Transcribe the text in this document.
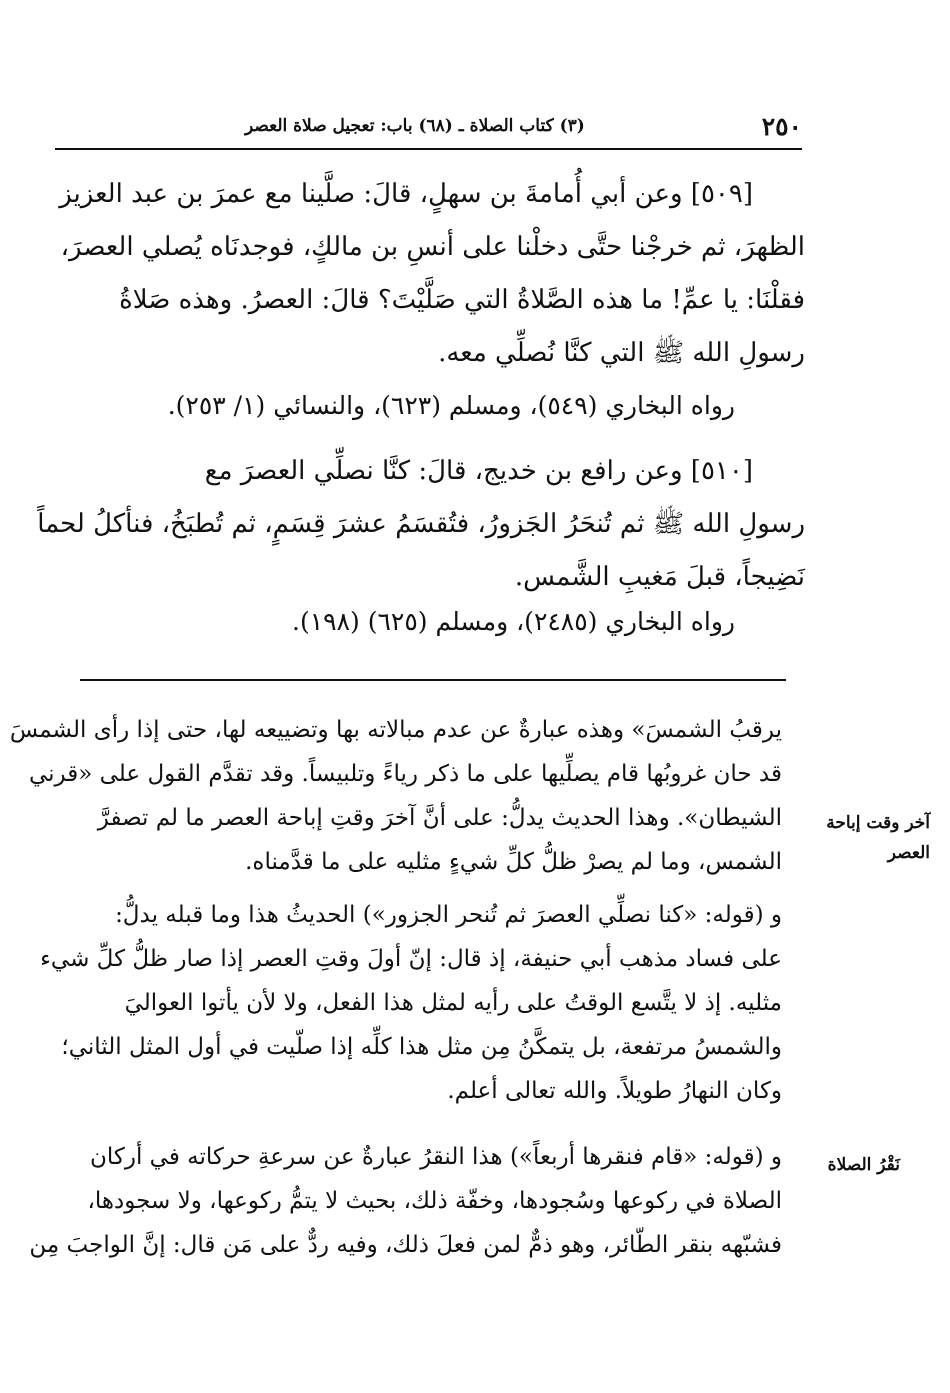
(٣) كتاب الصلاة ـ (٦٨) باب: تعجيل صلاة العصر	٢٥٠
[٥٠٩] وعن أبي أُمامةَ بن سهلٍ، قالَ: صلَّينا مع عمرَ بن عبد العزيز
الظهرَ، ثم خرجْنا حتَّى دخلْنا على أنسِ بن مالكٍ، فوجدنَاه يُصلي العصرَ،
فقلْنَا: يا عمِّ! ما هذه الصَّلاةُ التي صَلَّيْتَ؟ قالَ: العصرُ. وهذه صَلاةُ
رسولِ الله ﷺ التي كنَّا نُصلِّي معه.
رواه البخاري (٥٤٩)، ومسلم (٦٢٣)، والنسائي (١/ ٢٥٣).
[٥١٠] وعن رافع بن خديج، قالَ: كنَّا نصلِّي العصرَ مع
رسولِ الله ﷺ ثم تُنحَرُ الجَزورُ، فتُقسَمُ عشرَ قِسَمٍ، ثم تُطبَخُ، فنأكلُ لحماً
نَضِيجاً، قبلَ مَغيبِ الشَّمس.
رواه البخاري (٢٤٨٥)، ومسلم (٦٢٥) (١٩٨).
يرقبُ الشمسَ» وهذه عبارةٌ عن عدم مبالاته بها وتضييعه لها، حتى إذا رأى الشمسَ
قد حان غروبُها قام يصلِّيها على ما ذكر رياءً وتلبيساً. وقد تقدَّم القول على «قرني
الشيطان». وهذا الحديث يدلُّ: على أنَّ آخرَ وقتِ إباحة العصر ما لم تصفرَّ
الشمس، وما لم يصرْ ظلُّ كلِّ شيءٍ مثليه على ما قدَّمناه.
آخر وقت إباحة العصر
و (قوله: «كنا نصلِّي العصرَ ثم تُنحر الجزور») الحديثُ هذا وما قبله يدلُّ:
على فساد مذهب أبي حنيفة، إذ قال: إنّ أولَ وقتِ العصر إذا صار ظلُّ كلِّ شيء
مثليه. إذ لا يتَّسع الوقتُ على رأيه لمثل هذا الفعل، ولا لأن يأتوا العواليَ
والشمسُ مرتفعة، بل يتمكَّنُ مِن مثل هذا كلِّه إذا صلّيت في أول المثل الثاني؛
وكان النهارُ طويلاً. والله تعالى أعلم.
و (قوله: «قام فنقرها أربعاً») هذا النقرُ عبارةٌ عن سرعةِ حركاته في أركان
الصلاة في ركوعها وسُجودها، وخفّة ذلك، بحيث لا يتمُّ ركوعها، ولا سجودها،
فشبّهه بنقر الطّائر، وهو ذمٌّ لمن فعلَ ذلك، وفيه ردٌّ على مَن قال: إنَّ الواجبَ مِن
نَقْرُ الصلاة
